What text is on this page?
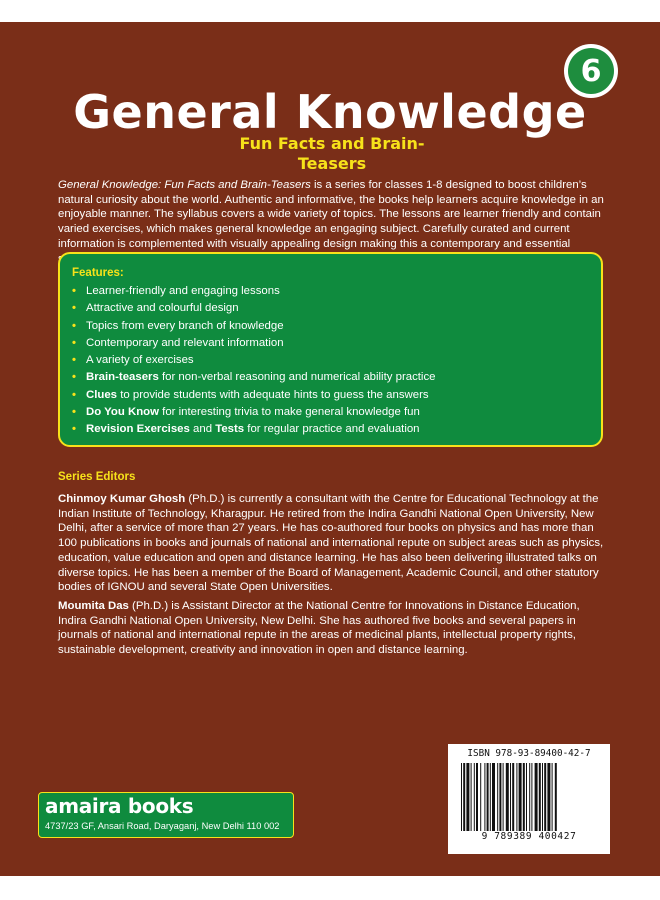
6
General Knowledge

Fun Facts and Brain-Teasers

General Knowledge: Fun Facts and Brain-Teasers is a series for classes 1-8 designed to boost children’s natural curiosity about the world. Authentic and informative, the books help learners acquire knowledge in an enjoyable manner. The syllabus covers a wide variety of topics. The lessons are learner friendly and contain varied exercises, which makes general knowledge an engaging subject. Carefully curated and current information is complemented with visually appealing design making this a contemporary and essential

Features:

• Learner-friendly and engaging lessons
• Attractive and colourful design
• Topics from every branch of knowledge
• Contemporary and relevant information
• A variety of exercises
• Brain-teasers for non-verbal reasoning and numerical ability practice
• Clues to provide students with adequate hints to guess the answers
• Do You Know for interesting trivia to make general knowledge fun
• Revision Exercises and Tests for regular practice and evaluation

Series Editors

Chinmoy Kumar Ghosh (Ph.D.) is currently a consultant with the Centre for Educational Technology at the Indian Institute of Technology, Kharagpur. He retired from the Indira Gandhi National Open University, New Delhi, after a service of more than 27 years. He has co-authored four books on physics and has more than 100 publications in books and journals of national and international repute on subject areas such as physics, education, value education and open and distance learning. He has also been delivering illustrated talks on diverse topics. He has been a member of the Board of Management, Academic Council, and other statutory bodies of IGNOU and several State Open Universities.

Moumita Das (Ph.D.) is Assistant Director at the National Centre for Innovations in Distance Education, Indira Gandhi National Open University, New Delhi. She has authored five books and several papers in journals of national and international repute in the areas of medicinal plants, intellectual property rights, sustainable development, creativity and innovation in open and distance learning.

ISBN 978-93-89400-42-7
9 789389 400427
amaira books
4737/23 GF, Ansari Road, Daryaganj, New Delhi 110 002
